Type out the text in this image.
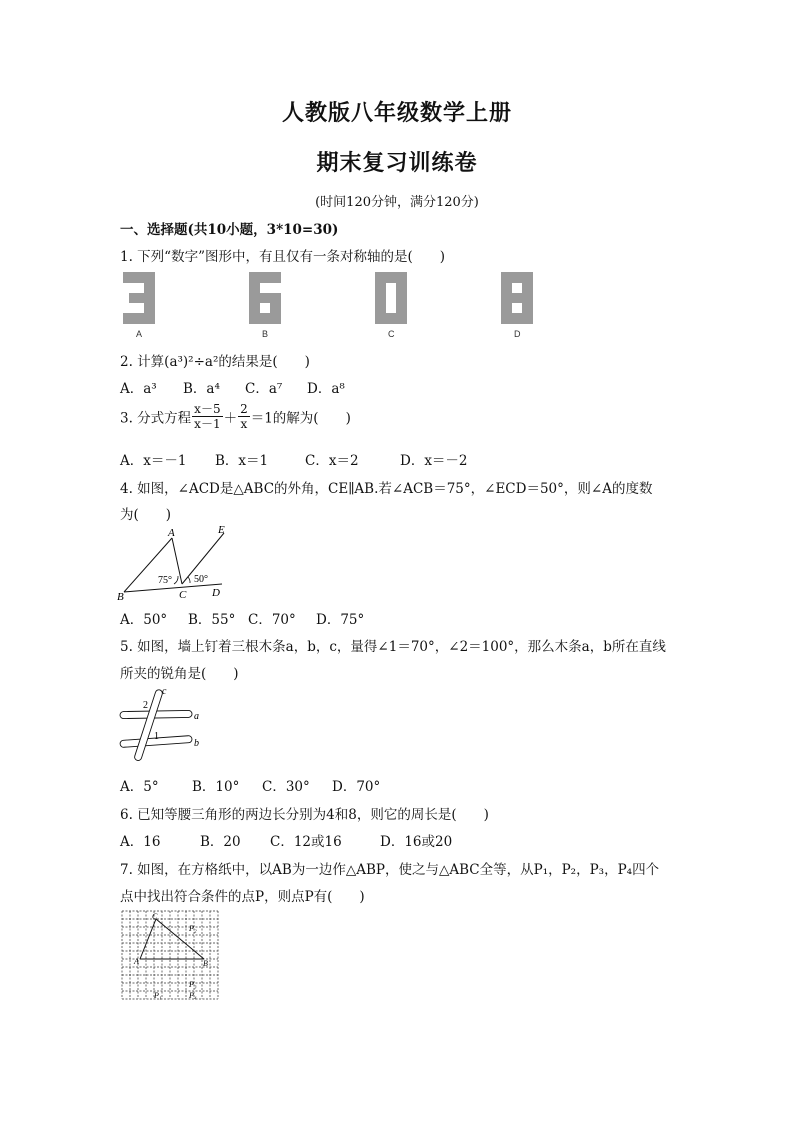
人教版八年级数学上册
期末复习训练卷
(时间120分钟，满分120分)
一、选择题(共10小题，3*10=30)
1. 下列“数字”图形中，有且仅有一条对称轴的是(　　)
A	B	C	D
2. 计算(a³)²÷a²的结果是(　　)
A．a³ B．a⁴ C．a⁷ D．a⁸
3. 分式方程 $\frac{x-5}{x-1} + \frac{2}{x} =1$的解为(　　)
A．x＝－1 B．x＝1	C．x＝2	D．x＝－2
4. 如图，∠ACD是△ABC的外角，CE∥AB.若∠ACB＝75°，∠ECD＝50°，则∠A的度数
为(　　)
A
B	C D
E
75° 50°
A．50° B．55° C．70° D．75°
5. 如图，墙上钉着三根木条a，b，c，量得∠1＝70°，∠2＝100°，那么木条a，b所在直线
所夹的锐角是(　　)
a
b
c
1
2
A．5° B．10° C．30° D．70°
6. 已知等腰三角形的两边长分别为4和8，则它的周长是(　　)
A．16	B．20 C．12或16	D．16或20
7. 如图，在方格纸中，以AB为一边作△ABP，使之与△ABC全等，从P₁，P₂，P₃，P₄四个
点中找出符合条件的点P，则点P有(　　)
A	B
C
P₂
P₃
P₁	P₄
